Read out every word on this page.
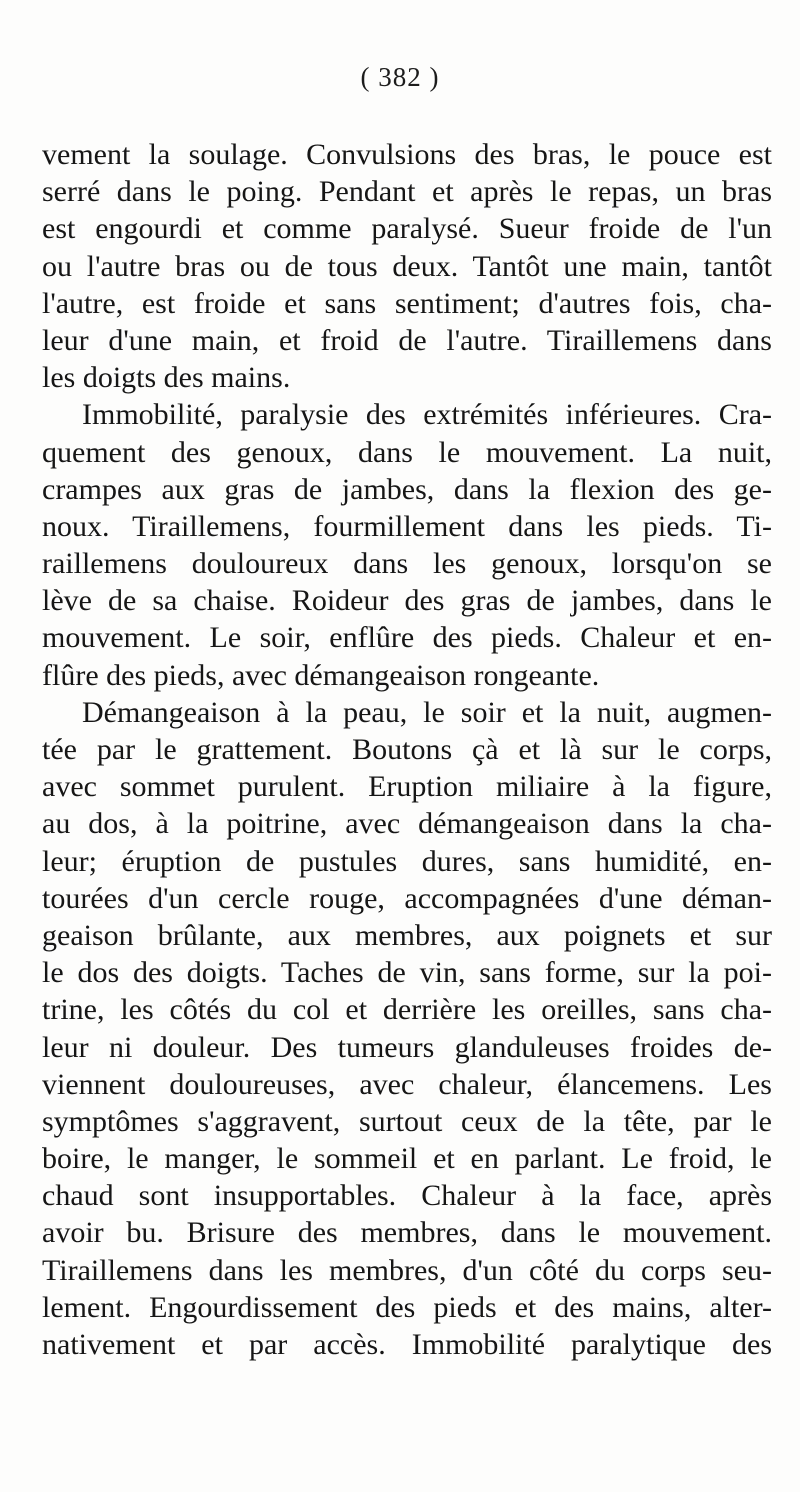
( 382 )
vement la soulage. Convulsions des bras, le pouce est
serré dans le poing. Pendant et après le repas, un bras
est engourdi et comme paralysé. Sueur froide de l'un
ou l'autre bras ou de tous deux. Tantôt une main, tantôt
l'autre, est froide et sans sentiment; d'autres fois, cha-
leur d'une main, et froid de l'autre. Tiraillemens dans
les doigts des mains.
Immobilité, paralysie des extrémités inférieures. Cra-
quement des genoux, dans le mouvement. La nuit,
crampes aux gras de jambes, dans la flexion des ge-
noux. Tiraillemens, fourmillement dans les pieds. Ti-
raillemens douloureux dans les genoux, lorsqu'on se
lève de sa chaise. Roideur des gras de jambes, dans le
mouvement. Le soir, enflûre des pieds. Chaleur et en-
flûre des pieds, avec démangeaison rongeante.
Démangeaison à la peau, le soir et la nuit, augmen-
tée par le grattement. Boutons çà et là sur le corps,
avec sommet purulent. Eruption miliaire à la figure,
au dos, à la poitrine, avec démangeaison dans la cha-
leur; éruption de pustules dures, sans humidité, en-
tourées d'un cercle rouge, accompagnées d'une déman-
geaison brûlante, aux membres, aux poignets et sur
le dos des doigts. Taches de vin, sans forme, sur la poi-
trine, les côtés du col et derrière les oreilles, sans cha-
leur ni douleur. Des tumeurs glanduleuses froides de-
viennent douloureuses, avec chaleur, élancemens. Les
symptômes s'aggravent, surtout ceux de la tête, par le
boire, le manger, le sommeil et en parlant. Le froid, le
chaud sont insupportables. Chaleur à la face, après
avoir bu. Brisure des membres, dans le mouvement.
Tiraillemens dans les membres, d'un côté du corps seu-
lement. Engourdissement des pieds et des mains, alter-
nativement et par accès. Immobilité paralytique des
